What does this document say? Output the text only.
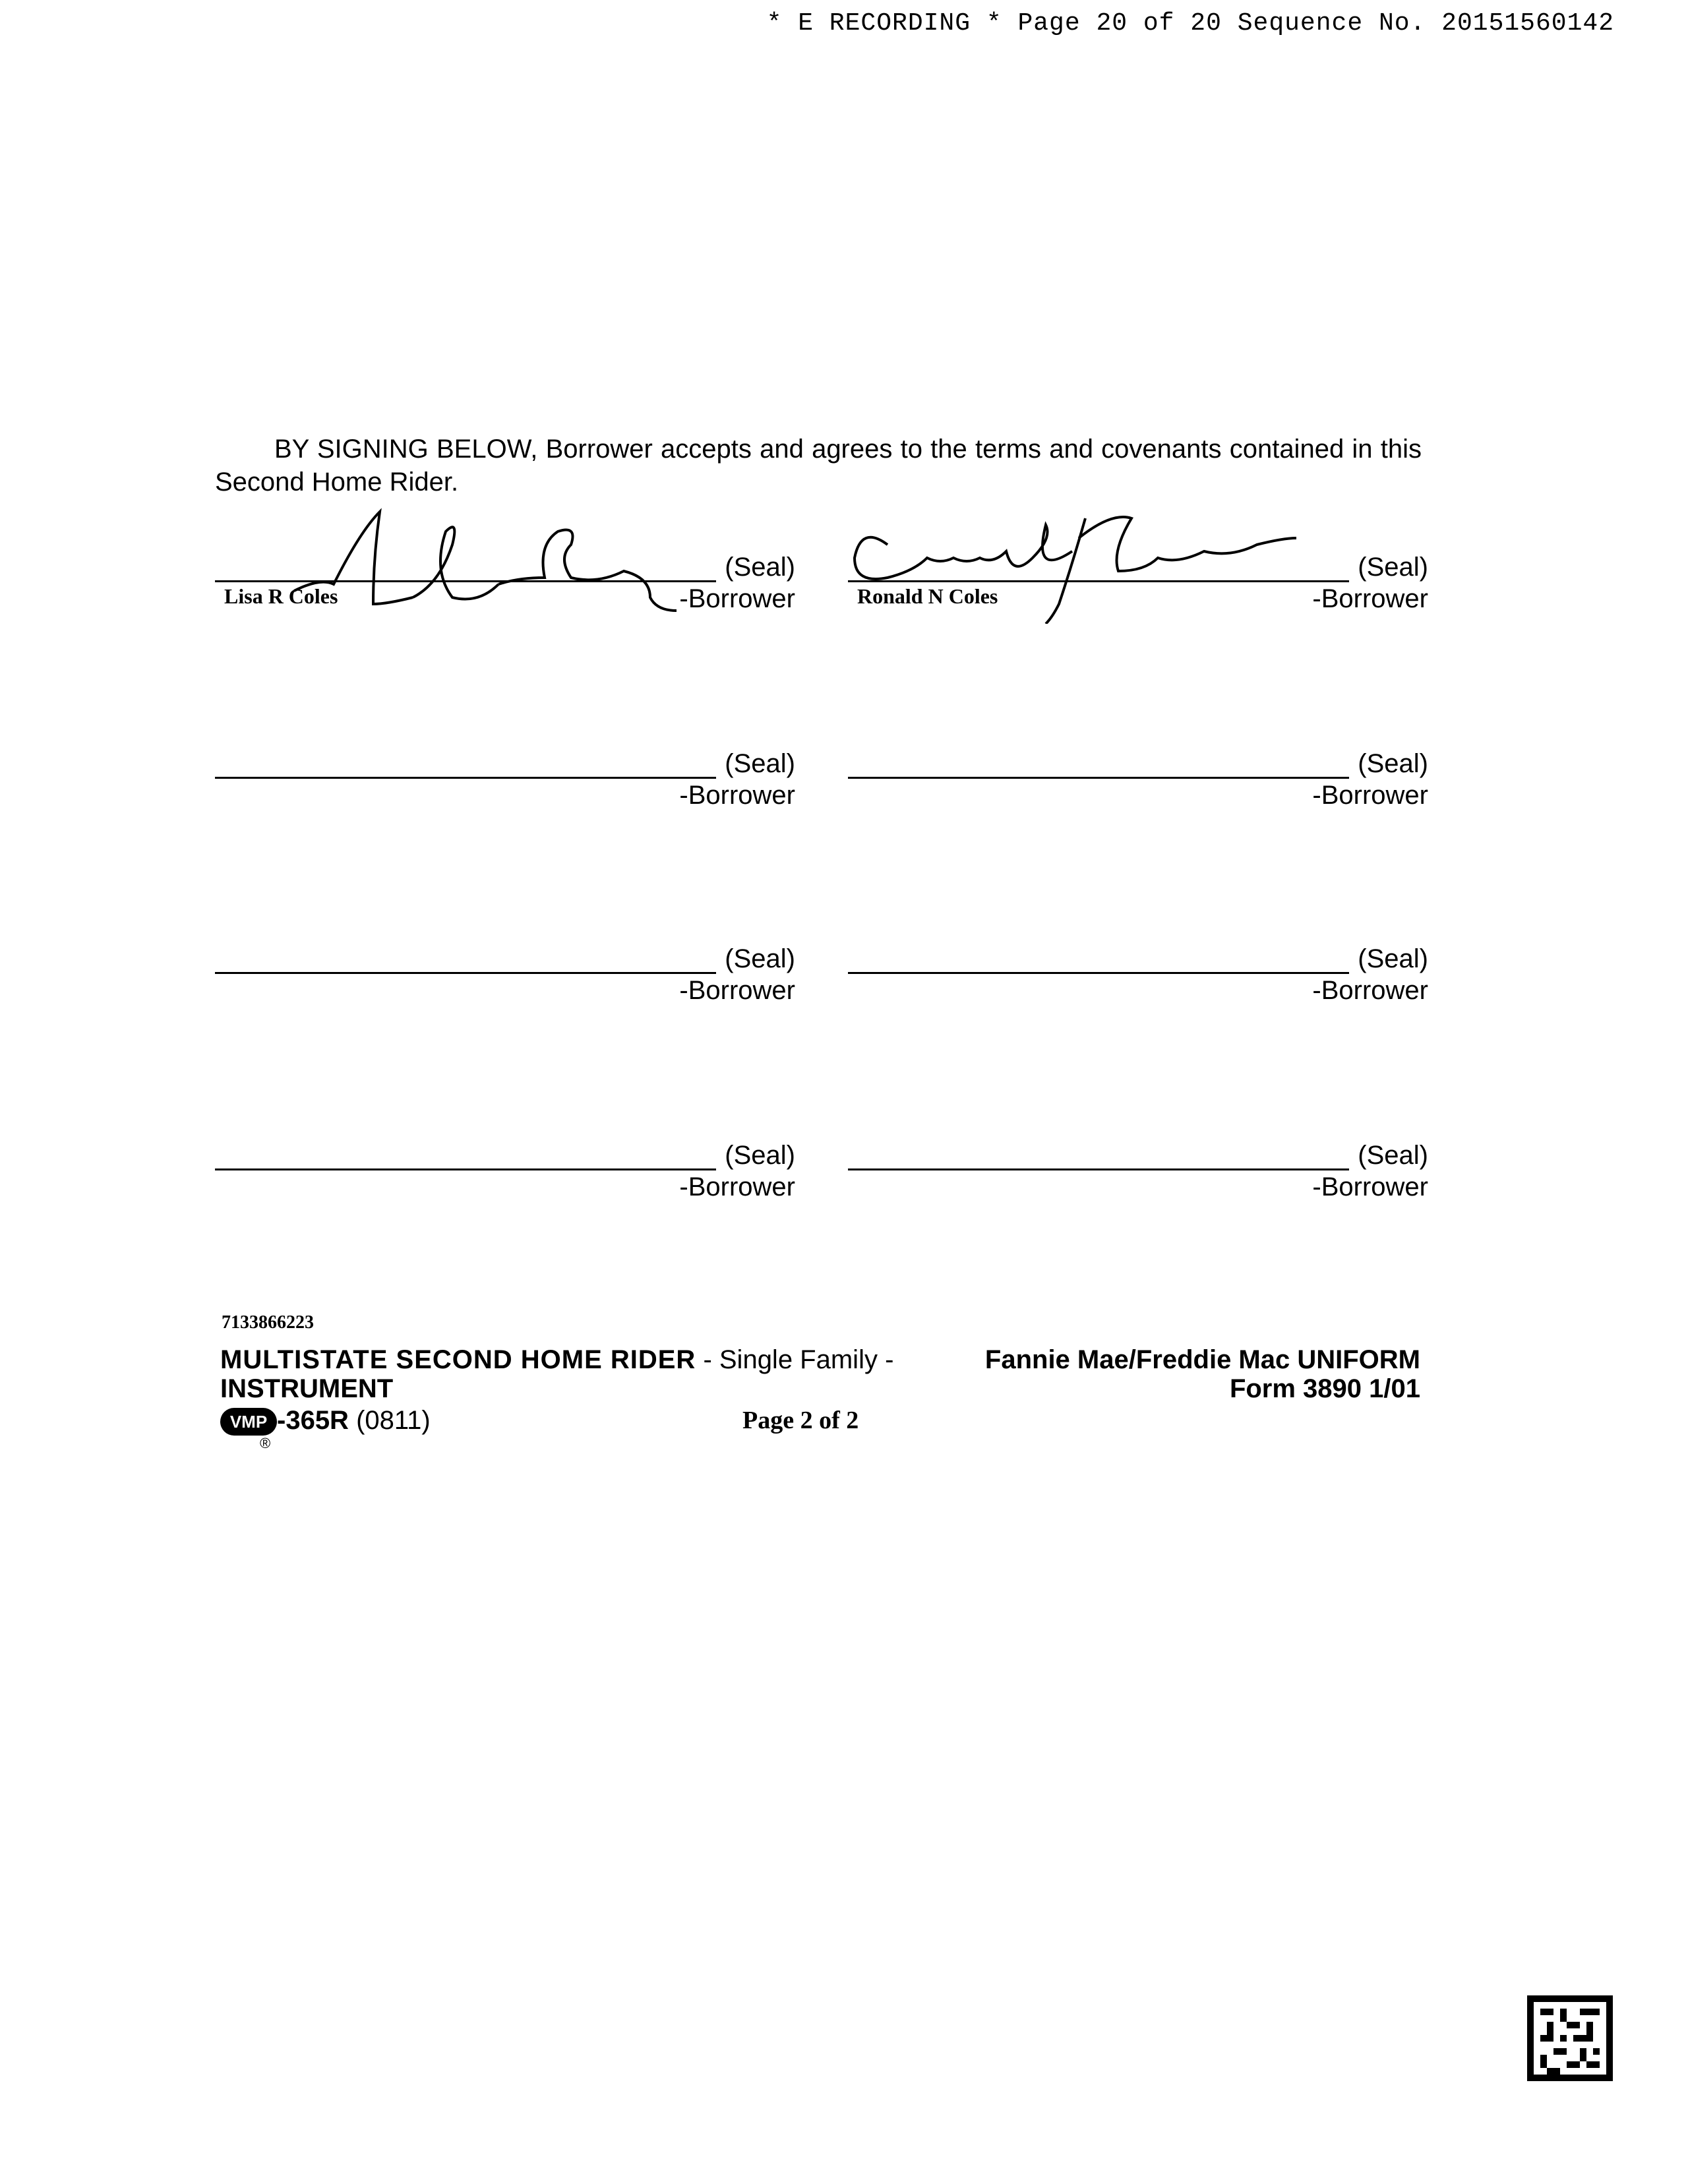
* E RECORDING * Page 20 of 20 Sequence No. 20151560142

BY SIGNING BELOW, Borrower accepts and agrees to the terms and covenants contained in this Second Home Rider.

(Seal)
-Borrower
Lisa R Coles
(Seal)
-Borrower
Ronald N Coles
(Seal)
-Borrower
(Seal)
-Borrower
(Seal)
-Borrower
(Seal)
-Borrower
(Seal)
-Borrower
(Seal)
-Borrower
7133866223
MULTISTATE SECOND HOME RIDER - Single Family -	Fannie Mae/Freddie Mac UNIFORM
INSTRUMENT	Form 3890 1/01
VMP -365R (0811)
®
Page 2 of 2
